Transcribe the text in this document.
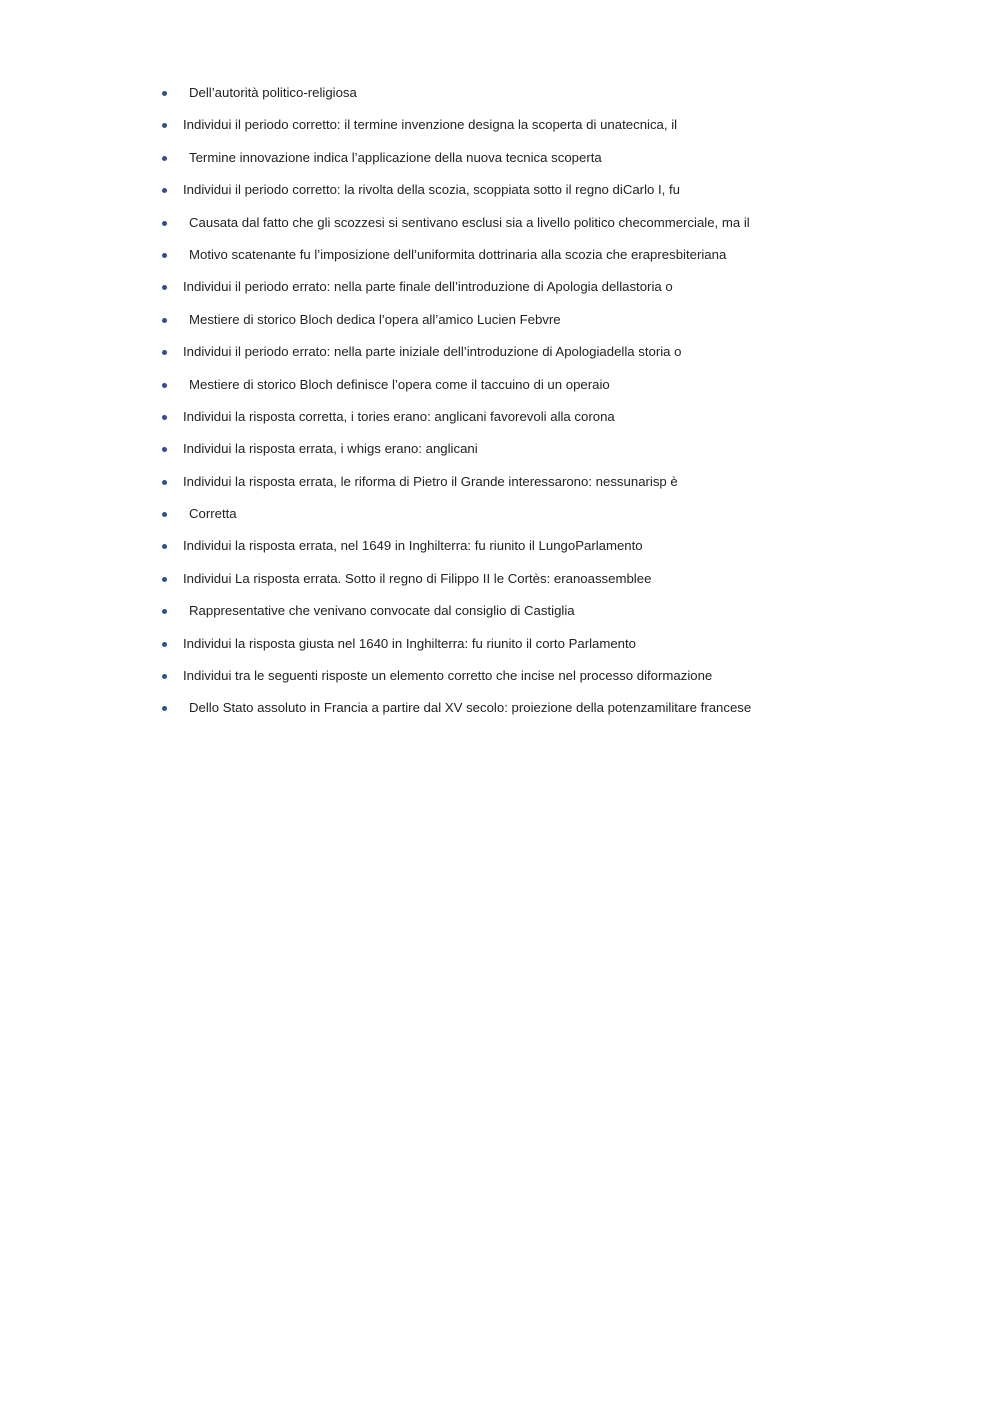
Dell’autorità politico-religiosa
Individui il periodo corretto: il termine invenzione designa la scoperta di unatecnica, il
Termine innovazione indica l’applicazione della nuova tecnica scoperta
Individui il periodo corretto: la rivolta della scozia, scoppiata sotto il regno diCarlo I, fu
Causata dal fatto che gli scozzesi si sentivano esclusi sia a livello politico checommerciale, ma il
Motivo scatenante fu l’imposizione dell’uniformita dottrinaria alla scozia che erapresbiteriana
Individui il periodo errato: nella parte finale dell’introduzione di Apologia dellastoria o
Mestiere di storico Bloch dedica l’opera all’amico Lucien Febvre
Individui il periodo errato: nella parte iniziale dell’introduzione di Apologiadella storia o
Mestiere di storico Bloch definisce l’opera come il taccuino di un operaio
Individui la risposta corretta, i tories erano: anglicani favorevoli alla corona
Individui la risposta errata, i whigs erano: anglicani
Individui la risposta errata, le riforma di Pietro il Grande interessarono: nessunarisp è
Corretta
Individui la risposta errata, nel 1649 in Inghilterra: fu riunito il LungoParlamento
Individui La risposta errata. Sotto il regno di Filippo II le Cortès: eranoassemblee
Rappresentative che venivano convocate dal consiglio di Castiglia
Individui la risposta giusta nel 1640 in Inghilterra: fu riunito il corto Parlamento
Individui tra le seguenti risposte un elemento corretto che incise nel processo diformazione
Dello Stato assoluto in Francia a partire dal XV secolo: proiezione della potenzamilitare francese
